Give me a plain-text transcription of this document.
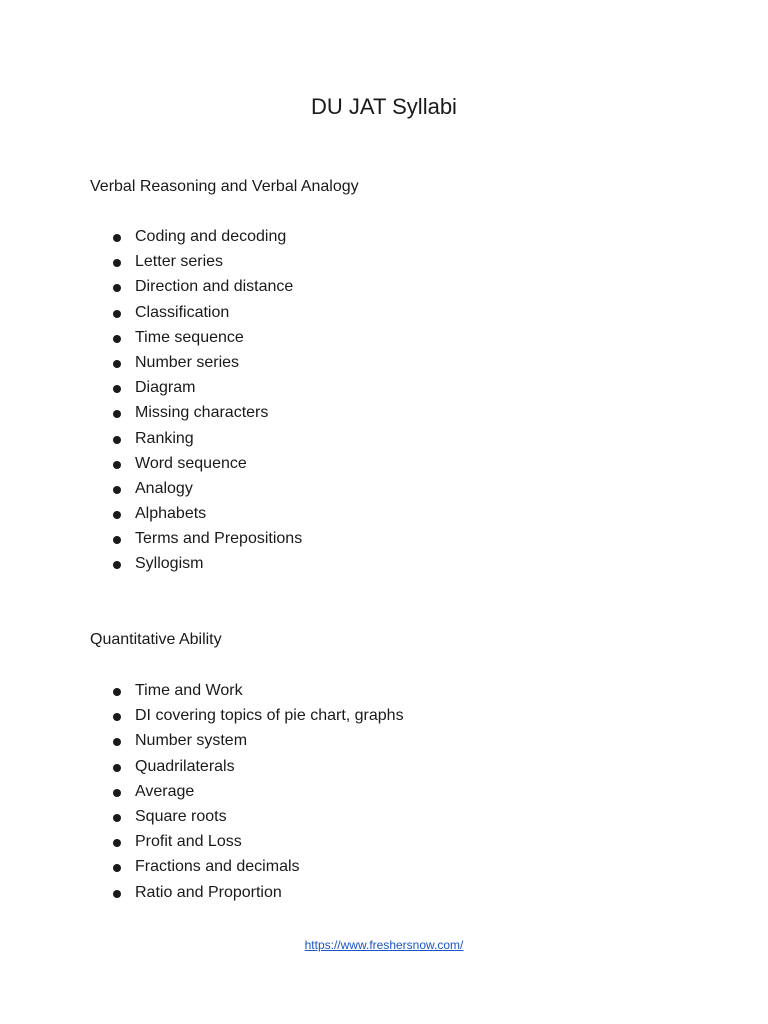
DU JAT Syllabi
Verbal Reasoning and Verbal Analogy
Coding and decoding
Letter series
Direction and distance
Classification
Time sequence
Number series
Diagram
Missing characters
Ranking
Word sequence
Analogy
Alphabets
Terms and Prepositions
Syllogism
Quantitative Ability
Time and Work
DI covering topics of pie chart, graphs
Number system
Quadrilaterals
Average
Square roots
Profit and Loss
Fractions and decimals
Ratio and Proportion
https://www.freshersnow.com/
